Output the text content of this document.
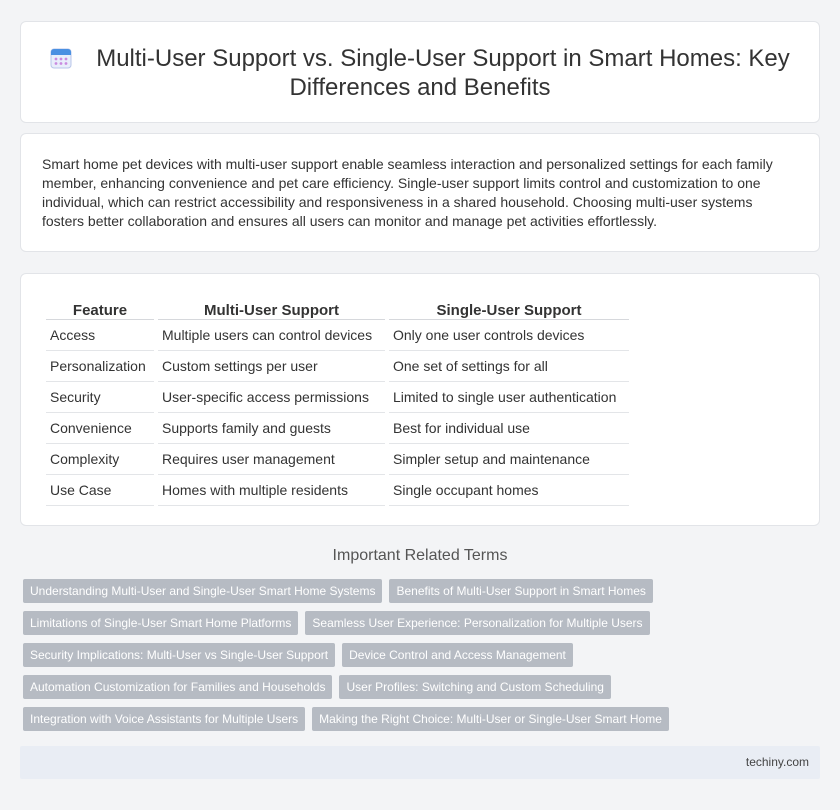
Multi-User Support vs. Single-User Support in Smart Homes: Key Differences and Benefits

Smart home pet devices with multi-user support enable seamless interaction and personalized settings for each family member, enhancing convenience and pet care efficiency. Single-user support limits control and customization to one individual, which can restrict accessibility and responsiveness in a shared household. Choosing multi-user systems fosters better collaboration and ensures all users can monitor and manage pet activities effortlessly.

Feature	Multi-User Support	Single-User Support
Access	Multiple users can control devices	Only one user controls devices
Personalization	Custom settings per user	One set of settings for all
Security	User-specific access permissions	Limited to single user authentication
Convenience	Supports family and guests	Best for individual use
Complexity	Requires user management	Simpler setup and maintenance
Use Case	Homes with multiple residents	Single occupant homes
Important Related Terms
Understanding Multi-User and Single-User Smart Home Systems	Benefits of Multi-User Support in Smart Homes
Limitations of Single-User Smart Home Platforms	Seamless User Experience: Personalization for Multiple Users
Security Implications: Multi-User vs Single-User Support	Device Control and Access Management
Automation Customization for Families and Households	User Profiles: Switching and Custom Scheduling
Integration with Voice Assistants for Multiple Users	Making the Right Choice: Multi-User or Single-User Smart Home
techiny.com
